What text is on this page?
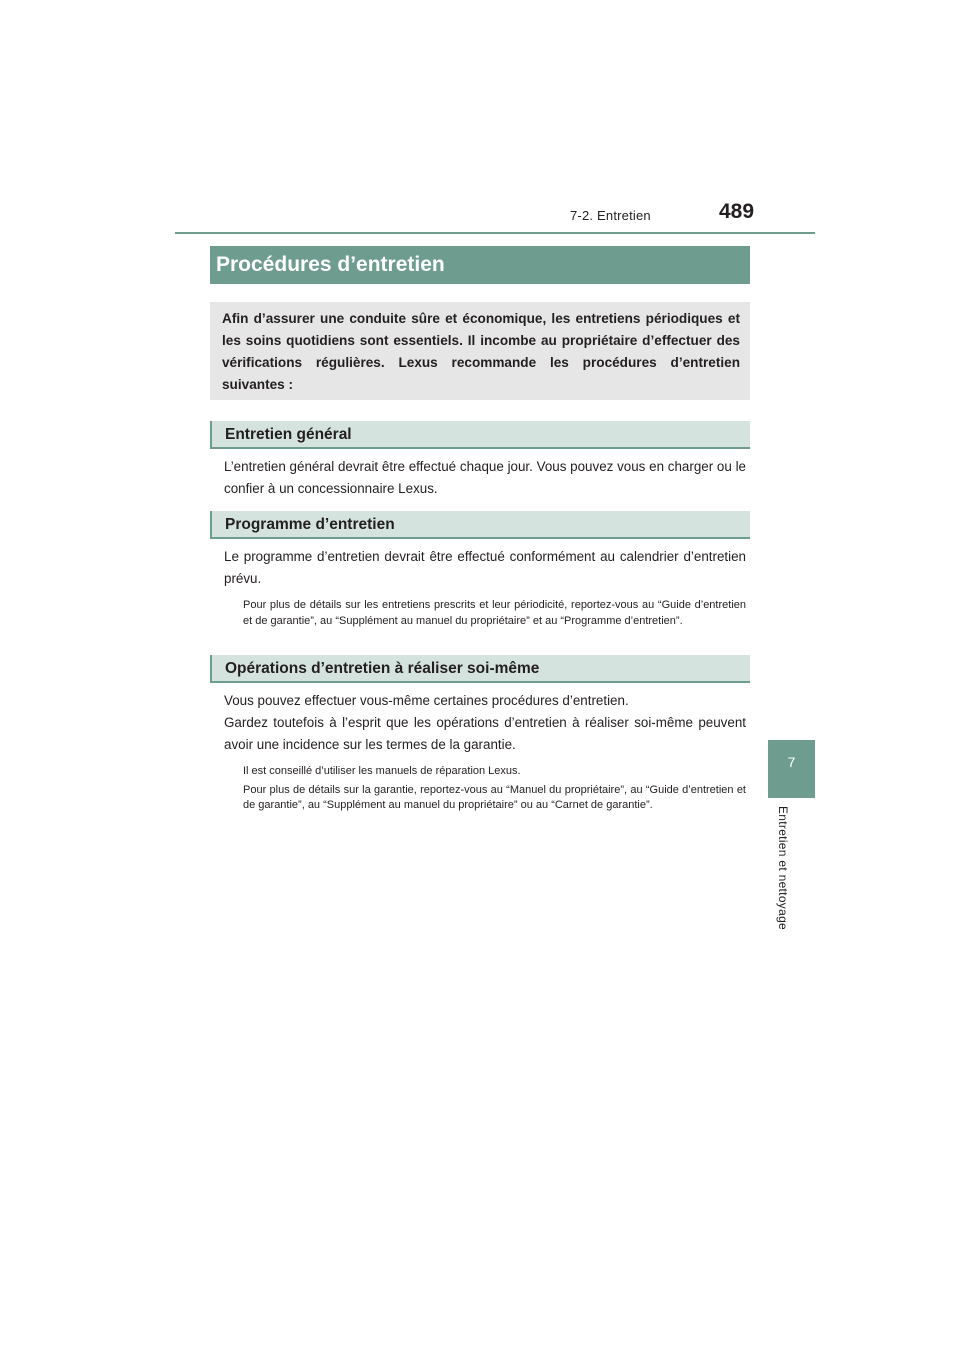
7-2. Entretien	489
7
Entretien et nettoyage
Procédures d’entretien
Afin d’assurer une conduite sûre et économique, les entretiens périodiques et les soins quotidiens sont essentiels. Il incombe au propriétaire d’effectuer des vérifications régulières. Lexus recommande les procédures d’entretien suivantes :
Entretien général

L’entretien général devrait être effectué chaque jour. Vous pouvez vous en charger ou le confier à un concessionnaire Lexus.

Programme d’entretien

Le programme d’entretien devrait être effectué conformément au calendrier d’entretien prévu.

Pour plus de détails sur les entretiens prescrits et leur périodicité, reportez-vous au “Guide d’entretien et de garantie”, au “Supplément au manuel du propriétaire” et au “Programme d’entretien”.

Opérations d’entretien à réaliser soi-même

Vous pouvez effectuer vous-même certaines procédures d’entretien.

Gardez toutefois à l’esprit que les opérations d’entretien à réaliser soi-même peuvent avoir une incidence sur les termes de la garantie.

Il est conseillé d’utiliser les manuels de réparation Lexus.

Pour plus de détails sur la garantie, reportez-vous au “Manuel du propriétaire”, au “Guide d’entretien et de garantie”, au “Supplément au manuel du propriétaire” ou au “Carnet de garantie”.
